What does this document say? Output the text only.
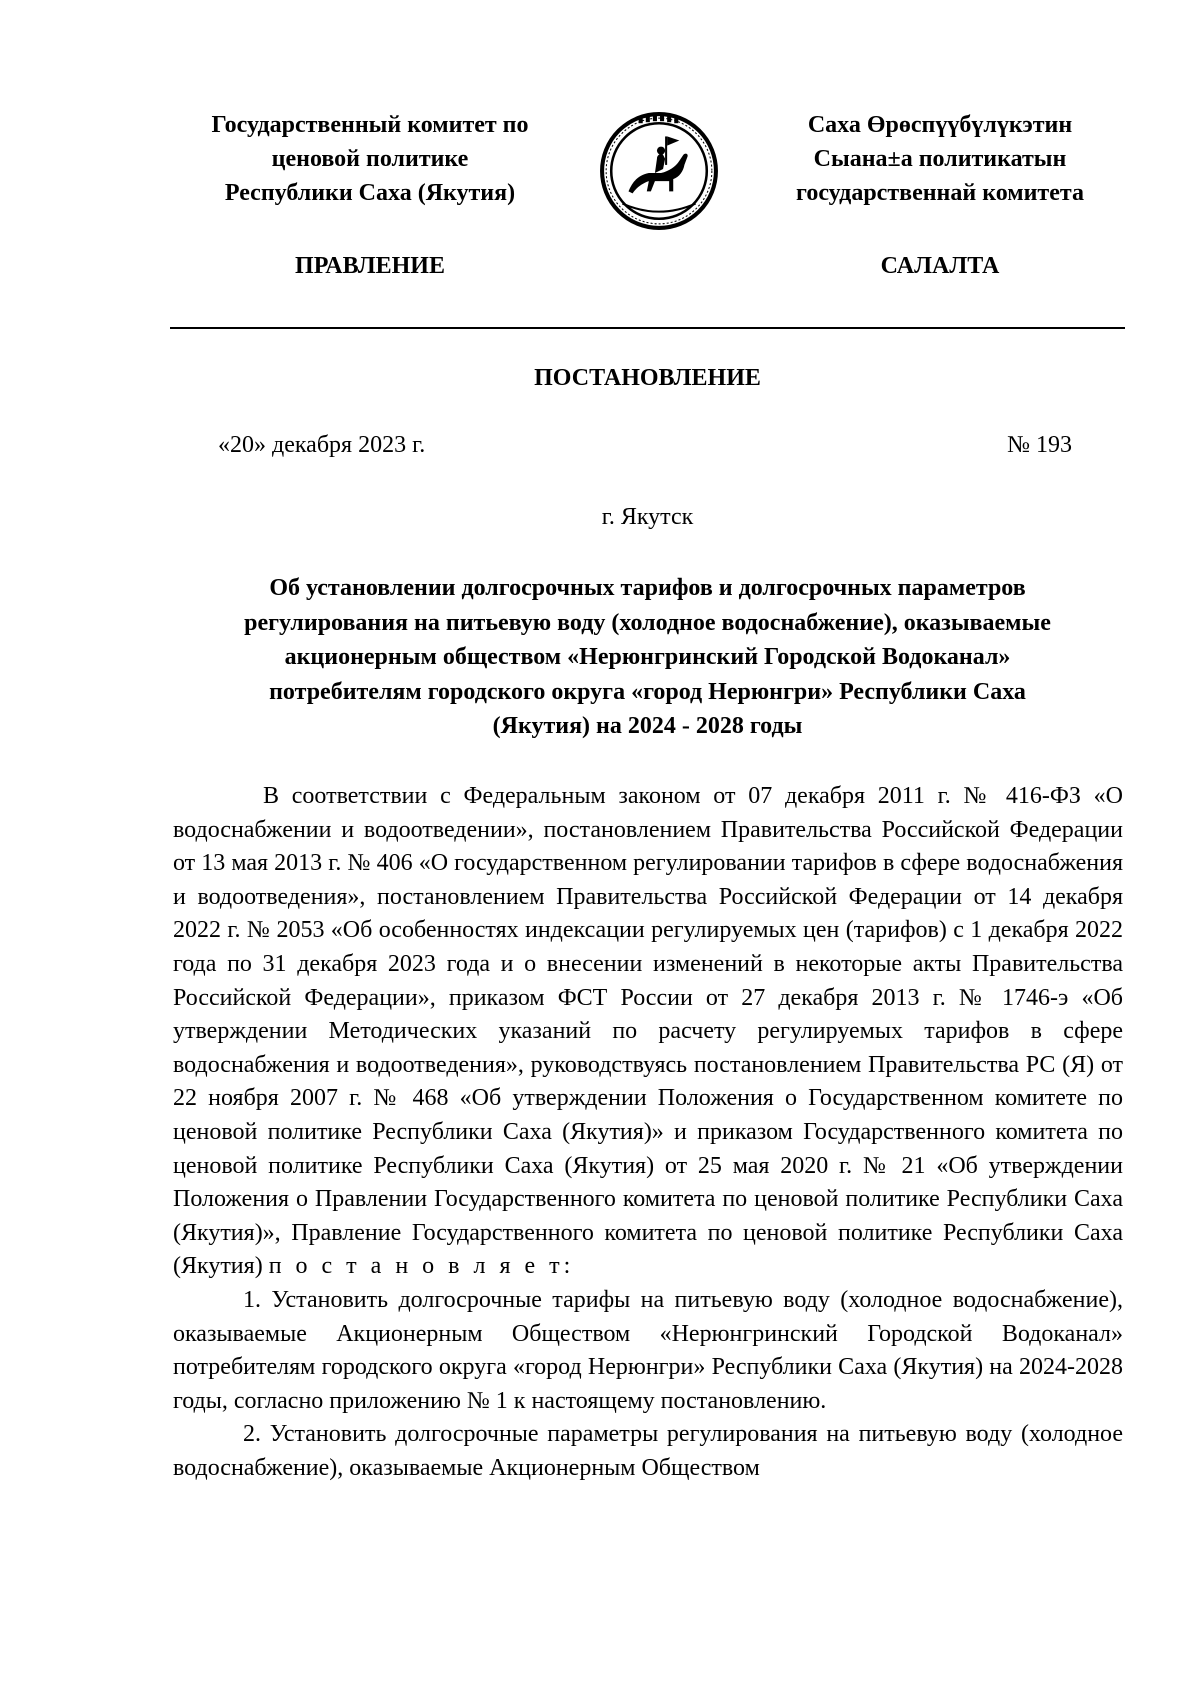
Государственный комитет по
ценовой политике
Республики Саха (Якутия)
Саха Өрөспүүбүлүкэтин
Сыана±а политикатын
государственнай комитета
ПРАВЛЕНИЕ	САЛАЛТА
ПОСТАНОВЛЕНИЕ
«20» декабря 2023 г.	№ 193
г. Якутск
Об установлении долгосрочных тарифов и долгосрочных параметров
регулирования на питьевую воду (холодное водоснабжение), оказываемые
акционерным обществом «Нерюнгринский Городской Водоканал»
потребителям городского округа «город Нерюнгри» Республики Саха
(Якутия) на 2024 - 2028 годы

В соответствии с Федеральным законом от 07 декабря 2011 г. № 416-ФЗ «О водоснабжении и водоотведении», постановлением Правительства Российской Федерации от 13 мая 2013 г. № 406 «О государственном регулировании тарифов в сфере водоснабжения и водоотведения», постановлением Правительства Российской Федерации от 14 декабря 2022 г. № 2053 «Об особенностях индексации регулируемых цен (тарифов) с 1 декабря 2022 года по 31 декабря 2023 года и о внесении изменений в некоторые акты Правительства Российской Федерации», приказом ФСТ России от 27 декабря 2013 г. № 1746-э «Об утверждении Методических указаний по расчету регулируемых тарифов в сфере водоснабжения и водоотведения», руководствуясь постановлением Правительства РС (Я) от 22 ноября 2007 г. № 468 «Об утверждении Положения о Государственном комитете по ценовой политике Республики Саха (Якутия)» и приказом Государственного комитета по ценовой политике Республики Саха (Якутия) от 25 мая 2020 г. № 21 «Об утверждении Положения о Правлении Государственного комитета по ценовой политике Республики Саха (Якутия)», Правление Государственного комитета по ценовой политике Республики Саха (Якутия) п о с т а н о в л я е т:

1. Установить долгосрочные тарифы на питьевую воду (холодное водоснабжение), оказываемые Акционерным Обществом «Нерюнгринский Городской Водоканал» потребителям городского округа «город Нерюнгри» Республики Саха (Якутия) на 2024-2028 годы, согласно приложению № 1 к настоящему постановлению.

2. Установить долгосрочные параметры регулирования на питьевую воду (холодное водоснабжение), оказываемые Акционерным Обществом
